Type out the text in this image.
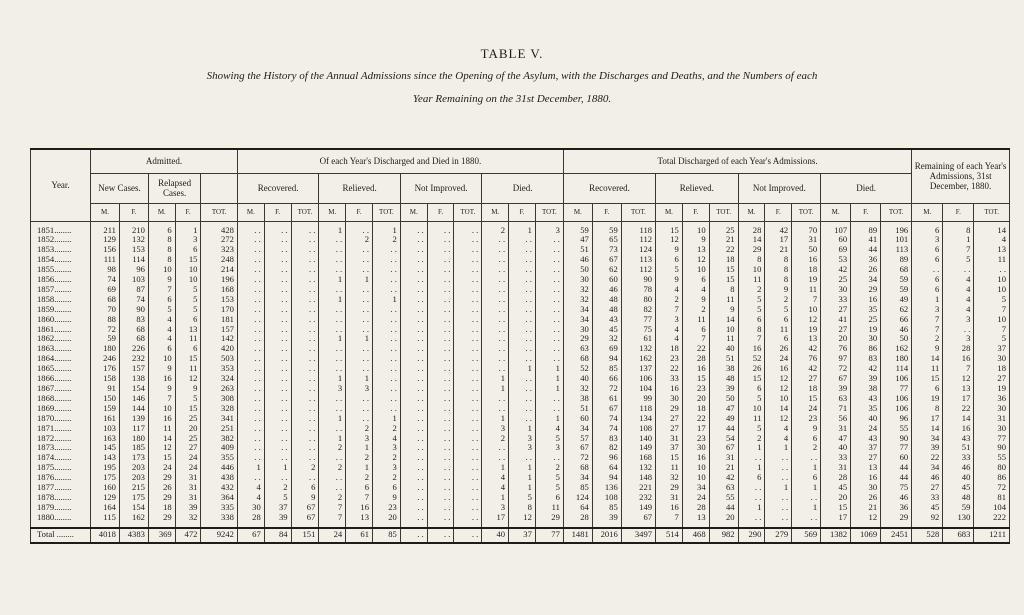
TABLE V.
Showing the History of the Annual Admissions since the Opening of the Asylum, with the Discharges and Deaths, and the Numbers of each
Year Remaining on the 31st December, 1880.
Year.	Admitted.					Of each Year's Discharged and Died in 1880.												Total Discharged of each Year's Admissions.												Remaining of each Year's Admissions, 31st December, 1880.		
	New Cases.		Relapsed Cases.			Recovered.			Relieved.			Not Improved.			Died.			Recovered.			Relieved.			Not Improved.			Died.					
	M.	F.	M.	F.	TOT.	M.	F.	TOT.	M.	F.	TOT.	M.	F.	TOT.	M.	F.	TOT.	M.	F.	TOT.	M.	F.	TOT.	M.	F.	TOT.	M.	F.	TOT.	M.	F.	TOT.

1851........	211	210	6	1	428	. .	. .	. .	1	. .	1	. .	. .	. .	2	1	3	59	59	118	15	10	25	28	42	70	107	89	196	6	8	14
1852........	129	132	8	3	272	. .	. .	. .	. .	2	2	. .	. .	. .	. .	. .	. .	47	65	112	12	9	21	14	17	31	60	41	101	3	1	4
1853........	156	153	8	6	323	. .	. .	. .	. .	. .	. .	. .	. .	. .	. .	. .	. .	51	73	124	9	13	22	29	21	50	69	44	113	6	7	13
1854........	111	114	8	15	248	. .	. .	. .	. .	. .	. .	. .	. .	. .	. .	. .	. .	46	67	113	6	12	18	8	8	16	53	36	89	6	5	11
1855........	98	96	10	10	214	. .	. .	. .	. .	. .	. .	. .	. .	. .	. .	. .	. .	50	62	112	5	10	15	10	8	18	42	26	68	. .	. .	. .
1856........	74	103	9	10	196	. .	. .	. .	1	1	. .	. .	. .	. .	. .	. .	. .	30	60	90	9	6	15	11	8	19	25	34	59	6	4	10
1857........	69	87	7	5	168	. .	. .	. .	. .	. .	. .	. .	. .	. .	. .	. .	. .	32	46	78	4	4	8	2	9	11	30	29	59	6	4	10
1858........	68	74	6	5	153	. .	. .	. .	1	. .	1	. .	. .	. .	. .	. .	. .	32	48	80	2	9	11	5	2	7	33	16	49	1	4	5
1859........	70	90	5	5	170	. .	. .	. .	. .	. .	. .	. .	. .	. .	. .	. .	. .	34	48	82	7	2	9	5	5	10	27	35	62	3	4	7
1860........	88	83	4	6	181	. .	. .	. .	. .	. .	. .	. .	. .	. .	. .	. .	. .	34	43	77	3	11	14	6	6	12	41	25	66	7	3	10
1861........	72	68	4	13	157	. .	. .	. .	. .	. .	. .	. .	. .	. .	. .	. .	. .	30	45	75	4	6	10	8	11	19	27	19	46	7	. .	7
1862........	59	68	4	11	142	. .	. .	. .	1	1	. .	. .	. .	. .	. .	. .	. .	29	32	61	4	7	11	7	6	13	20	30	50	2	3	5
1863........	180	226	6	6	420	. .	. .	. .	. .	. .	. .	. .	. .	. .	. .	. .	. .	63	69	132	18	22	40	16	26	42	76	86	162	9	28	37
1864........	246	232	10	15	503	. .	. .	. .	. .	. .	. .	. .	. .	. .	. .	. .	. .	68	94	162	23	28	51	52	24	76	97	83	180	14	16	30
1865........	176	157	9	11	353	. .	. .	. .	. .	. .	. .	. .	. .	. .	. .	1	1	52	85	137	22	16	38	26	16	42	72	42	114	11	7	18
1866........	158	138	16	12	324	. .	. .	. .	1	1	. .	. .	. .	. .	1	. .	1	40	66	106	33	15	48	15	12	27	67	39	106	15	12	27
1867........	91	154	9	9	263	. .	. .	. .	3	3	. .	. .	. .	. .	1	. .	1	32	72	104	16	23	39	6	12	18	39	38	77	6	13	19
1868........	150	146	7	5	308	. .	. .	. .	. .	. .	. .	. .	. .	. .	. .	. .	. .	38	61	99	30	20	50	5	10	15	63	43	106	19	17	36
1869........	159	144	10	15	328	. .	. .	. .	. .	. .	. .	. .	. .	. .	. .	. .	. .	51	67	118	29	18	47	10	14	24	71	35	106	8	22	30
1870........	161	139	16	25	341	. .	. .	. .	1	. .	1	. .	. .	. .	1	. .	1	60	74	134	27	22	49	11	12	23	56	40	96	17	14	31
1871........	103	117	11	20	251	. .	. .	. .	. .	2	2	. .	. .	. .	3	1	4	34	74	108	27	17	44	5	4	9	31	24	55	14	16	30
1872........	163	180	14	25	382	. .	. .	. .	1	3	4	. .	. .	. .	2	3	5	57	83	140	31	23	54	2	4	6	47	43	90	34	43	77
1873........	145	185	12	27	409	. .	. .	. .	2	1	3	. .	. .	. .	. .	3	3	67	82	149	37	30	67	1	1	2	40	37	77	39	51	90
1874........	143	173	15	24	355	. .	. .	. .	. .	2	2	. .	. .	. .	. .	. .	. .	72	96	168	15	16	31	. .	. .	. .	33	27	60	22	33	55
1875........	195	203	24	24	446	1	1	2	2	1	3	. .	. .	. .	1	1	2	68	64	132	11	10	21	1	. .	1	31	13	44	34	46	80
1876........	175	203	29	31	438	. .	. .	. .	. .	2	2	. .	. .	. .	4	1	5	34	94	148	32	10	42	6	. .	6	28	16	44	46	40	86
1877........	160	215	26	31	432	4	2	6	. .	6	6	. .	. .	. .	4	1	5	85	136	221	29	34	63	. .	1	1	45	30	75	27	45	72
1878........	129	175	29	31	364	4	5	9	2	7	9	. .	. .	. .	1	5	6	124	108	232	31	24	55	. .	. .	. .	20	26	46	33	48	81
1879........	164	154	18	39	335	30	37	67	7	16	23	. .	. .	. .	3	8	11	64	85	149	16	28	44	1	. .	1	15	21	36	45	59	104
1880........	115	162	29	32	338	28	39	67	7	13	20	. .	. .	. .	17	12	29	28	39	67	7	13	20	. .	. .	. .	17	12	29	92	130	222

Total ........	4018	4383	369	472	9242	67	84	151	24	61	85	. .	. .	. .	40	37	77	1481	2016	3497	514	468	982	290	279	569	1382	1069	2451	528	683	1211
